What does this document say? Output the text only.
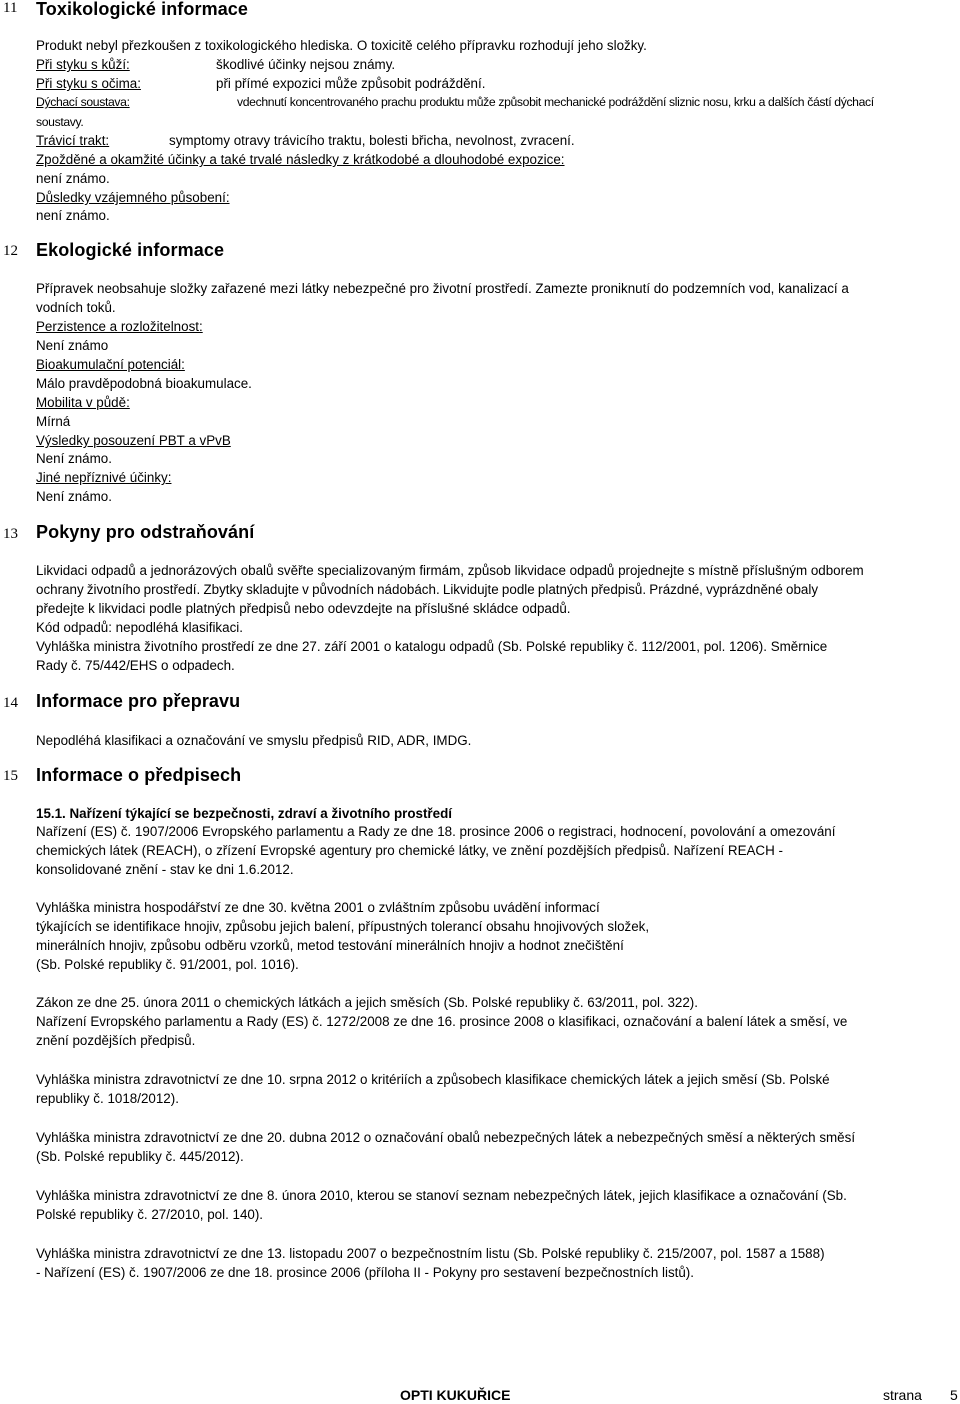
11 Toxikologické informace
Produkt nebyl přezkoušen z toxikologického hlediska. O toxicitě celého přípravku rozhodují jeho složky.
Při styku s kůží:	škodlivé účinky nejsou známy.
Při styku s očima:	při přímé expozici může způsobit podráždění.
Dýchací soustava:	vdechnutí koncentrovaného prachu produktu může způsobit mechanické podráždění sliznic nosu, krku a dalších částí dýchací
soustavy.
Trávicí trakt:	symptomy otravy trávicího traktu, bolesti břicha, nevolnost, zvracení.
Zpožděné a okamžité účinky a také trvalé následky z krátkodobé a dlouhodobé expozice:
není známo.
Důsledky vzájemného působení:
není známo.
12 Ekologické informace
Přípravek neobsahuje složky zařazené mezi látky nebezpečné pro životní prostředí. Zamezte proniknutí do podzemních vod, kanalizací a
vodních toků.
Perzistence a rozložitelnost:
Není známo
Bioakumulační potenciál:
Málo pravděpodobná bioakumulace.
Mobilita v půdě:
Mírná
Výsledky posouzení PBT a vPvB
Není známo.
Jiné nepříznivé účinky:
Není známo.
13 Pokyny pro odstraňování
Likvidaci odpadů a jednorázových obalů svěřte specializovaným firmám, způsob likvidace odpadů projednejte s místně příslušným odborem
ochrany životního prostředí. Zbytky skladujte v původních nádobách. Likvidujte podle platných předpisů. Prázdné, vyprázdněné obaly
předejte k likvidaci podle platných předpisů nebo odevzdejte na příslušné skládce odpadů.
Kód odpadů: nepodléhá klasifikaci.
Vyhláška ministra životního prostředí ze dne 27. září 2001 o katalogu odpadů (Sb. Polské republiky č. 112/2001, pol. 1206). Směrnice
Rady č. 75/442/EHS o odpadech.
14 Informace pro přepravu
Nepodléhá klasifikaci a označování ve smyslu předpisů RID, ADR, IMDG.
15 Informace o předpisech
15.1. Nařízení týkající se bezpečnosti, zdraví a životního prostředí
Nařízení (ES) č. 1907/2006 Evropského parlamentu a Rady ze dne 18. prosince 2006 o registraci, hodnocení, povolování a omezování
chemických látek (REACH), o zřízení Evropské agentury pro chemické látky, ve znění pozdějších předpisů. Nařízení REACH -
konsolidované znění - stav ke dni 1.6.2012.
Vyhláška ministra hospodářství ze dne 30. května 2001 o zvláštním způsobu uvádění informací
týkajících se identifikace hnojiv, způsobu jejich balení, přípustných tolerancí obsahu hnojivových složek,
minerálních hnojiv, způsobu odběru vzorků, metod testování minerálních hnojiv a hodnot znečištění
(Sb. Polské republiky č. 91/2001, pol. 1016).
Zákon ze dne 25. února 2011 o chemických látkách a jejich směsích (Sb. Polské republiky č. 63/2011, pol. 322).
Nařízení Evropského parlamentu a Rady (ES) č. 1272/2008 ze dne 16. prosince 2008 o klasifikaci, označování a balení látek a směsí, ve
znění pozdějších předpisů.
Vyhláška ministra zdravotnictví ze dne 10. srpna 2012 o kritériích a způsobech klasifikace chemických látek a jejich směsí (Sb. Polské
republiky č. 1018/2012).
Vyhláška ministra zdravotnictví ze dne 20. dubna 2012 o označování obalů nebezpečných látek a nebezpečných směsí a některých směsí
(Sb. Polské republiky č. 445/2012).
Vyhláška ministra zdravotnictví ze dne 8. února 2010, kterou se stanoví seznam nebezpečných látek, jejich klasifikace a označování (Sb.
Polské republiky č. 27/2010, pol. 140).
Vyhláška ministra zdravotnictví ze dne 13. listopadu 2007 o bezpečnostním listu (Sb. Polské republiky č. 215/2007, pol. 1587 a 1588)
- Nařízení (ES) č. 1907/2006 ze dne 18. prosince 2006 (příloha II - Pokyny pro sestavení bezpečnostních listů).
OPTI KUKUŘICE	strana 5
